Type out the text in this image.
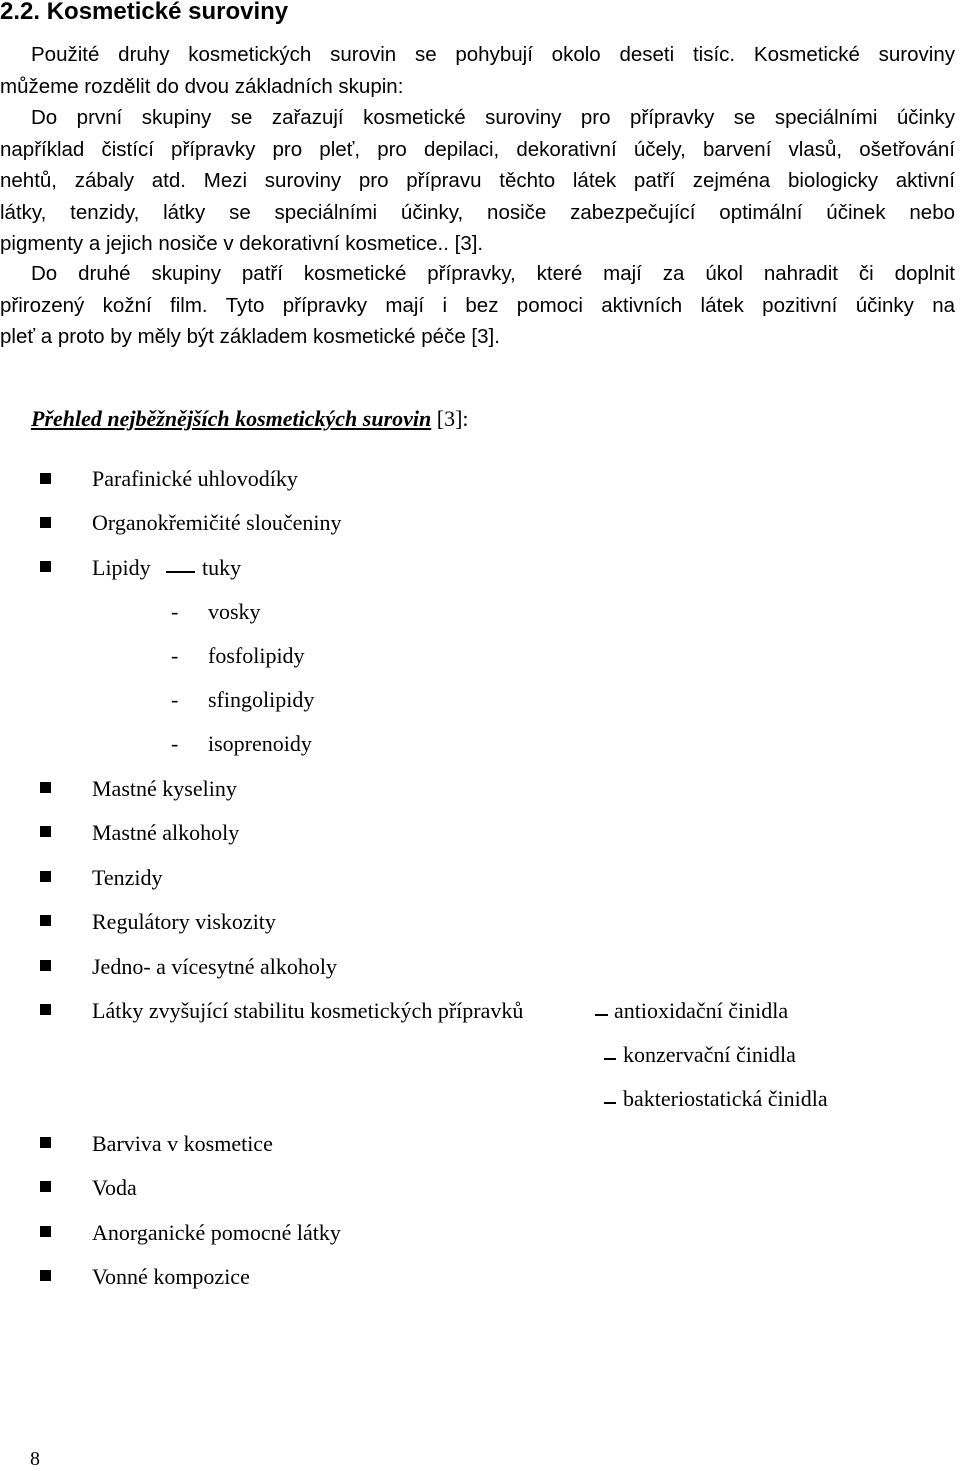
2.2. Kosmetické suroviny
Použité druhy kosmetických surovin se pohybují okolo deseti tisíc. Kosmetické suroviny
můžeme rozdělit do dvou základních skupin:
Do první skupiny se zařazují kosmetické suroviny pro přípravky se speciálními účinky
například čistící přípravky pro pleť, pro depilaci, dekorativní účely, barvení vlasů, ošetřování
nehtů, zábaly atd. Mezi suroviny pro přípravu těchto látek patří zejména biologicky aktivní
látky, tenzidy, látky se speciálními účinky, nosiče zabezpečující optimální účinek nebo
pigmenty a jejich nosiče v dekorativní kosmetice.. [3].
Do druhé skupiny patří kosmetické přípravky, které mají za úkol nahradit či doplnit
přirozený kožní film. Tyto přípravky mají i bez pomoci aktivních látek pozitivní účinky na
pleť a proto by měly být základem kosmetické péče [3].
Přehled nejběžnějších kosmetických surovin [3]:
Parafinické uhlovodíky
Organokřemičité sloučeniny
Lipidy tuky
- vosky
- fosfolipidy
- sfingolipidy
- isoprenoidy
Mastné kyseliny
Mastné alkoholy
Tenzidy
Regulátory viskozity
Jedno- a vícesytné alkoholy
Látky zvyšující stabilitu kosmetických přípravků	antioxidační činidla
konzervační činidla
bakteriostatická činidla
Barviva v kosmetice
Voda
Anorganické pomocné látky
Vonné kompozice
8
